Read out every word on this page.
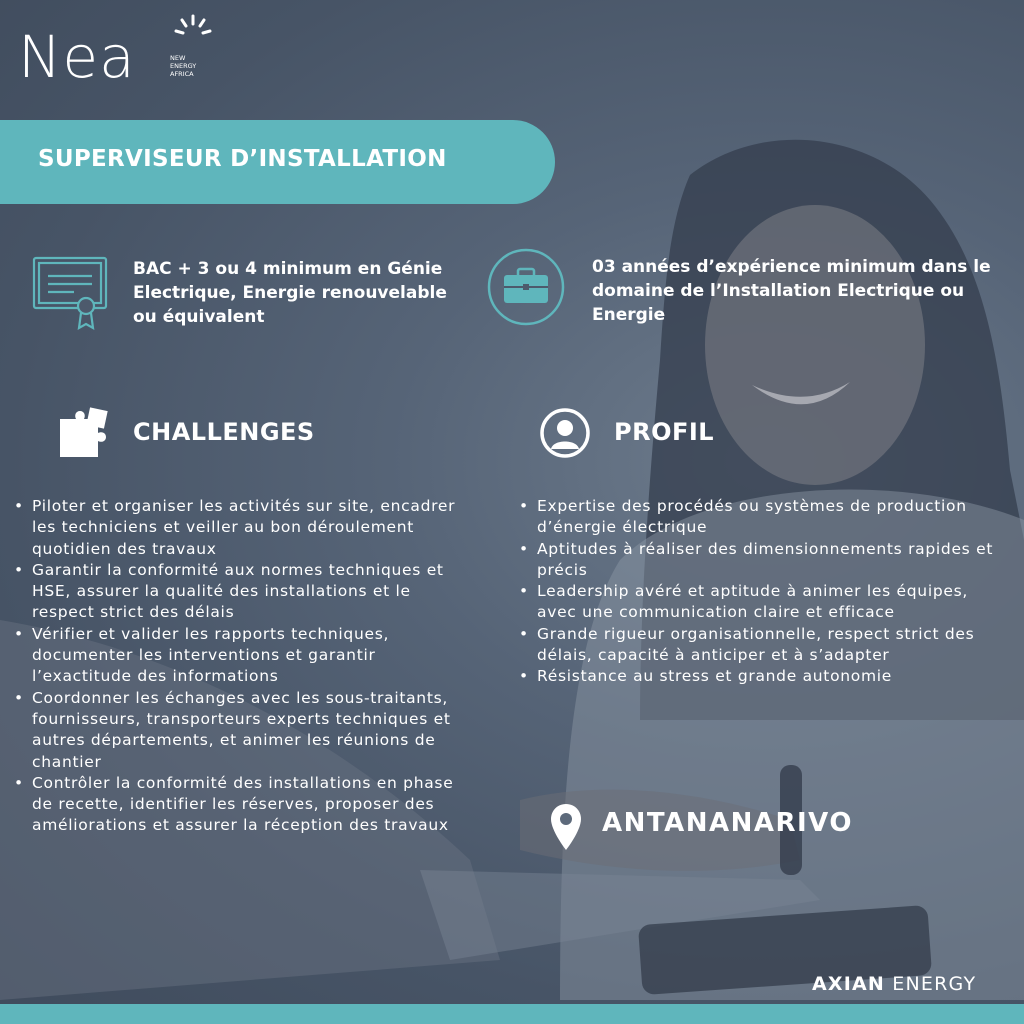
Nea	NEW
ENERGY
AFRICA
SUPERVISEUR D’INSTALLATION
BAC + 3 ou 4 minimum en Génie Electrique, Energie renouvelable ou équivalent
03 années d’expérience minimum dans le domaine de l’Installation Electrique ou Energie
CHALLENGES	PROFIL
• Piloter et organiser les activités sur site, encadrer les techniciens et veiller au bon déroulement quotidien des travaux
• Garantir la conformité aux normes techniques et HSE, assurer la qualité des installations et le respect strict des délais
• Vérifier et valider les rapports techniques, documenter les interventions et garantir l’exactitude des informations
• Coordonner les échanges avec les sous-traitants, fournisseurs, transporteurs experts techniques et autres départements, et animer les réunions de chantier
• Contrôler la conformité des installations en phase de recette, identifier les réserves, proposer des améliorations et assurer la réception des travaux
• Expertise des procédés ou systèmes de production d’énergie électrique
• Aptitudes à réaliser des dimensionnements rapides et précis
• Leadership avéré et aptitude à animer les équipes, avec une communication claire et efficace
• Grande rigueur organisationnelle, respect strict des délais, capacité à anticiper et à s’adapter
• Résistance au stress et grande autonomie
ANTANANARIVO
AXIAN ENERGY
